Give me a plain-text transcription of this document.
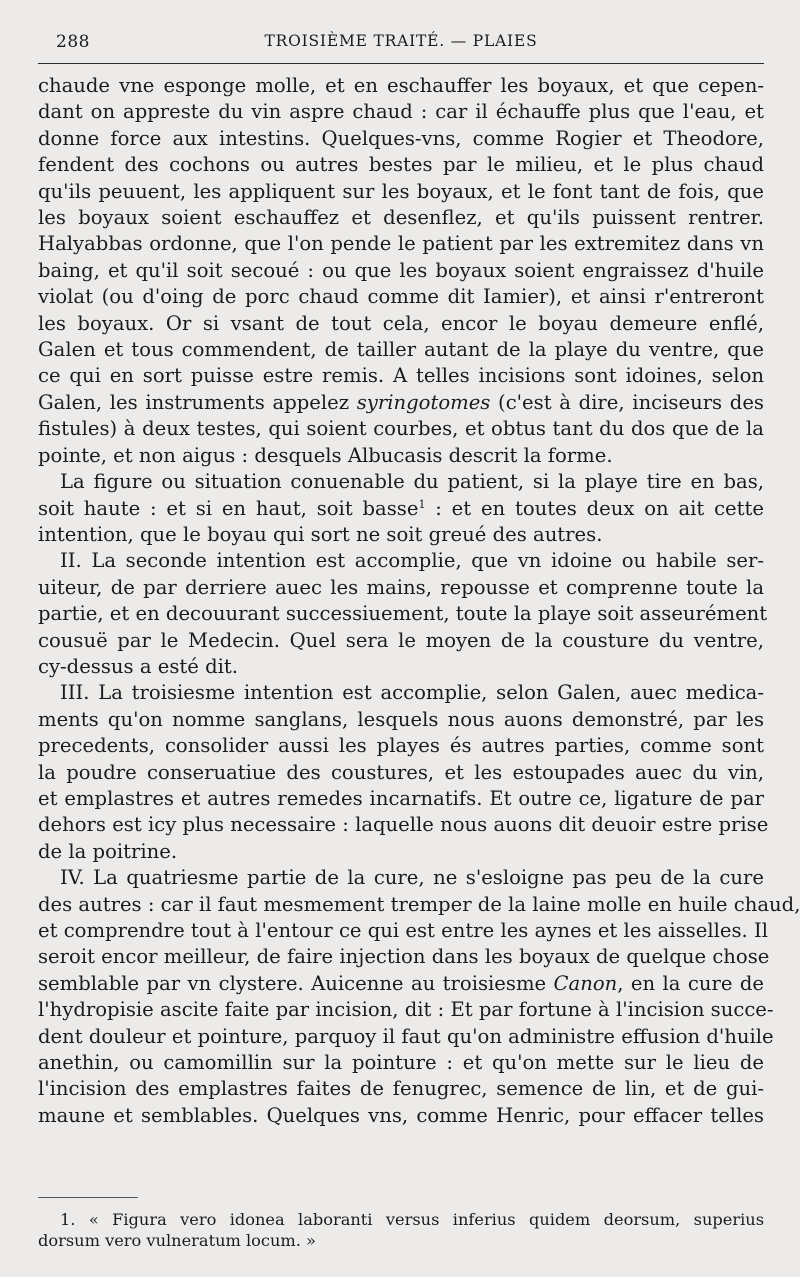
288	TROISIÈME TRAITÉ. — PLAIES
chaude vne esponge molle, et en eschauffer les boyaux, et que cepen-
dant on appreste du vin aspre chaud : car il échauffe plus que l'eau, et
donne force aux intestins. Quelques-vns, comme Rogier et Theodore,
fendent des cochons ou autres bestes par le milieu, et le plus chaud
qu'ils peuuent, les appliquent sur les boyaux, et le font tant de fois, que
les boyaux soient eschauffez et desenflez, et qu'ils puissent rentrer.
Halyabbas ordonne, que l'on pende le patient par les extremitez dans vn
baing, et qu'il soit secoué : ou que les boyaux soient engraissez d'huile
violat (ou d'oing de porc chaud comme dit Iamier), et ainsi r'entreront
les boyaux. Or si vsant de tout cela, encor le boyau demeure enflé,
Galen et tous commendent, de tailler autant de la playe du ventre, que
ce qui en sort puisse estre remis. A telles incisions sont idoines, selon
Galen, les instruments appelez syringotomes (c'est à dire, inciseurs des
fistules) à deux testes, qui soient courbes, et obtus tant du dos que de la
pointe, et non aigus : desquels Albucasis descrit la forme.
La figure ou situation conuenable du patient, si la playe tire en bas,
soit haute : et si en haut, soit basse$^1$ : et en toutes deux on ait cette
intention, que le boyau qui sort ne soit greué des autres.
II. La seconde intention est accomplie, que vn idoine ou habile ser-
uiteur, de par derriere auec les mains, repousse et comprenne toute la
partie, et en decouurant successiuement, toute la playe soit asseurément
cousuë par le Medecin. Quel sera le moyen de la cousture du ventre,
cy-dessus a esté dit.
III. La troisiesme intention est accomplie, selon Galen, auec medica-
ments qu'on nomme sanglans, lesquels nous auons demonstré, par les
precedents, consolider aussi les playes és autres parties, comme sont
la poudre conseruatiue des coustures, et les estoupades auec du vin,
et emplastres et autres remedes incarnatifs. Et outre ce, ligature de par
dehors est icy plus necessaire : laquelle nous auons dit deuoir estre prise
de la poitrine.
IV. La quatriesme partie de la cure, ne s'esloigne pas peu de la cure
des autres : car il faut mesmement tremper de la laine molle en huile chaud,
et comprendre tout à l'entour ce qui est entre les aynes et les aisselles. Il
seroit encor meilleur, de faire injection dans les boyaux de quelque chose
semblable par vn clystere. Auicenne au troisiesme Canon, en la cure de
l'hydropisie ascite faite par incision, dit : Et par fortune à l'incision succe-
dent douleur et pointure, parquoy il faut qu'on administre effusion d'huile
anethin, ou camomillin sur la pointure : et qu'on mette sur le lieu de
l'incision des emplastres faites de fenugrec, semence de lin, et de gui-
maune et semblables. Quelques vns, comme Henric, pour effacer telles
1. « Figura vero idonea laboranti versus inferius quidem deorsum, superius
dorsum vero vulneratum locum. »
